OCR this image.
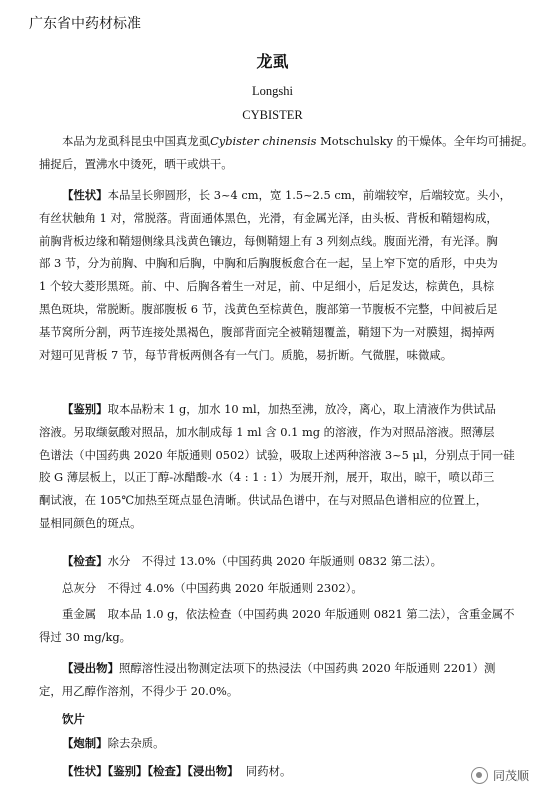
广东省中药材标准
龙虱
Longshi
CYBISTER
本品为龙虱科昆虫中国真龙虱Cybister chinensis Motschulsky 的干燥体。全年均可捕捉。
捕捉后，置沸水中烫死，晒干或烘干。
【性状】本品呈长卵圆形，长 3~4 cm，宽 1.5~2.5 cm，前端较窄，后端较宽。头小，
有丝状触角 1 对，常脱落。背面通体黑色，光滑，有金属光泽，由头板、背板和鞘翅构成，
前胸背板边缘和鞘翅侧缘具浅黄色镶边，每侧鞘翅上有 3 列刻点线。腹面光滑，有光泽。胸
部 3 节，分为前胸、中胸和后胸，中胸和后胸腹板愈合在一起，呈上窄下宽的盾形，中央为
1 个较大菱形黑斑。前、中、后胸各着生一对足，前、中足细小，后足发达，棕黄色，具棕
黑色斑块，常脱断。腹部腹板 6 节，浅黄色至棕黄色，腹部第一节腹板不完整，中间被后足
基节窝所分割，两节连接处黑褐色，腹部背面完全被鞘翅覆盖，鞘翅下为一对膜翅，揭掉两
对翅可见背板 7 节，每节背板两侧各有一气门。质脆，易折断。气微腥，味微咸。
【鉴别】取本品粉末 1 g，加水 10 ml，加热至沸，放冷，离心，取上清液作为供试品
溶液。另取缬氨酸对照品，加水制成每 1 ml 含 0.1 mg 的溶液，作为对照品溶液。照薄层
色谱法（中国药典 2020 年版通则 0502）试验，吸取上述两种溶液 3~5 μl，分别点于同一硅
胶 G 薄层板上，以正丁醇-冰醋酸-水（4 : 1 : 1）为展开剂，展开，取出，晾干，喷以茚三
酮试液，在 105℃加热至斑点显色清晰。供试品色谱中，在与对照品色谱相应的位置上，
显相同颜色的斑点。
【检查】水分　不得过 13.0%（中国药典 2020 年版通则 0832 第二法）。
总灰分　不得过 4.0%（中国药典 2020 年版通则 2302）。
重金属　取本品 1.0 g，依法检查（中国药典 2020 年版通则 0821 第二法），含重金属不
得过 30 mg/kg。
【浸出物】照醇溶性浸出物测定法项下的热浸法（中国药典 2020 年版通则 2201）测
定，用乙醇作溶剂，不得少于 20.0%。
饮片
【炮制】除去杂质。
【性状】【鉴别】【检查】【浸出物】 同药材。	同茂顺
